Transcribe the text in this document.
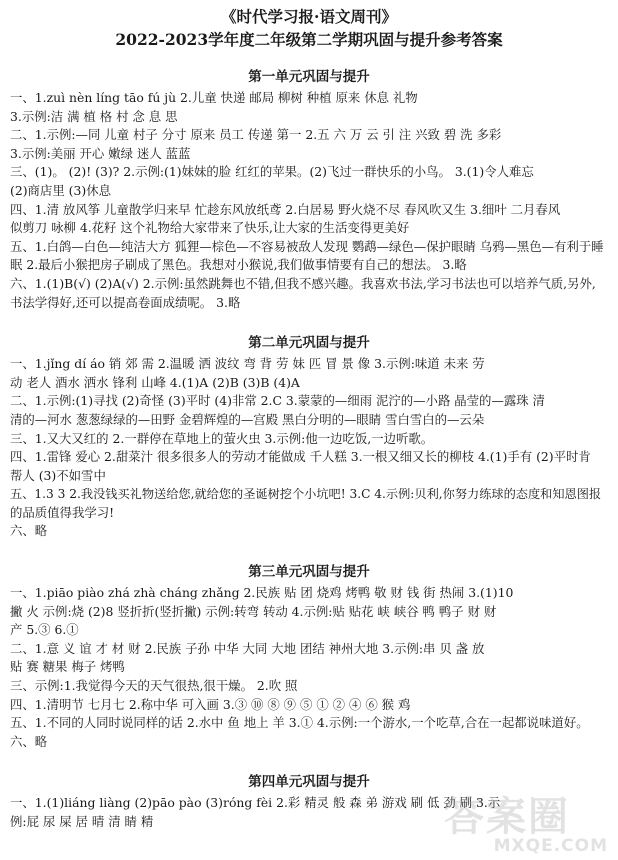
《时代学习报·语文周刊》
2022-2023学年度二年级第二学期巩固与提升参考答案
第一单元巩固与提升
一、1.zuì nèn líng tāo fú jù 2.儿童 快递 邮局 柳树 种植 原来 休息 礼物
3.示例:洁 满 植 格 村 念 息 思
二、1.示例:—同 儿童 村子 分寸 原来 员工 传递 第一 2.五 六 万 云 引 注 兴致 碧 洗 多彩
3.示例:美丽 开心 嫩绿 迷人 蓝蓝
三、(1)。 (2)! (3)? 2.示例:(1)妹妹的脸 红红的苹果。(2)飞过一群快乐的小鸟。 3.(1)令人难忘
(2)商店里 (3)休息
四、1.清 放风筝 儿童散学归来早 忙趁东风放纸鸢 2.白居易 野火烧不尽 春风吹又生 3.细叶 二月春风
似剪刀 咏柳 4.花籽 这个礼物给大家带来了快乐,让大家的生活变得更美好
五、1.白鸽—白色—纯洁大方 狐狸—棕色—不容易被敌人发现 鹦鹉—绿色—保护眼睛 乌鸦—黑色—有利于睡
眠 2.最后小猴把房子刷成了黑色。我想对小猴说,我们做事情要有自己的想法。 3.略
六、1.(1)B(√) (2)A(√) 2.示例:虽然跳舞也不错,但我不感兴趣。我喜欢书法,学习书法也可以培养气质,另外,
书法学得好,还可以提高卷面成绩呢。 3.略
第二单元巩固与提升
一、1.jǐng dí áo 销 郊 需 2.温暖 洒 波纹 弯 背 劳 妹 匹 冒 景 像 3.示例:味道 未来 劳
动 老人 酒水 洒水 锋利 山峰 4.(1)A (2)B (3)B (4)A
二、1.示例:(1)寻找 (2)奇怪 (3)平时 (4)非常 2.C 3.蒙蒙的—细雨 泥泞的—小路 晶莹的—露珠 清
清的—河水 葱葱绿绿的—田野 金碧辉煌的—宫殿 黑白分明的—眼睛 雪白雪白的—云朵
三、1.又大又红的 2.一群停在草地上的萤火虫 3.示例:他一边吃饭,一边听歌。
四、1.雷锋 爱心 2.甜菜汁 很多很多人的劳动才能做成 千人糕 3.一根又细又长的柳枝 4.(1)手有 (2)平时肯
帮人 (3)不如雪中
五、1.3 3 2.我没钱买礼物送给您,就给您的圣诞树挖个小坑吧! 3.C 4.示例:贝利,你努力练球的态度和知恩图报
的品质值得我学习!
六、略
第三单元巩固与提升
一、1.piāo piào zhá zhà cháng zhǎng 2.民族 贴 团 烧鸡 烤鸭 敬 财 钱 街 热闹 3.(1)10
撇 火 示例:烧 (2)8 竖折折(竖折撇) 示例:转弯 转动 4.示例:贴 贴花 峡 峡谷 鸭 鸭子 财 财
产 5.③ 6.①
二、1.意 义 谊 才 材 财 2.民族 子孙 中华 大同 大地 团结 神州大地 3.示例:串 贝 盏 放
贴 赛 糖果 梅子 烤鸭
三、示例:1.我觉得今天的天气很热,很干燥。 2.吹 照
四、1.清明节 七月七 2.称中华 可入画 3.③ ⑩ ⑧ ⑨ ⑤ ① ② ④ ⑥ 猴 鸡
五、1.不同的人同时说同样的话 2.水中 鱼 地上 羊 3.① 4.示例:一个游水,一个吃草,合在一起都说味道好。
六、略
第四单元巩固与提升
一、1.(1)liáng liàng (2)pāo pào (3)róng fèi 2.彩 精灵 般 森 弟 游戏 刷 低 劲 刷 3.示
例:屁 尿 屎 居 晴 清 睛 精	答案圈
MXQE.COM
